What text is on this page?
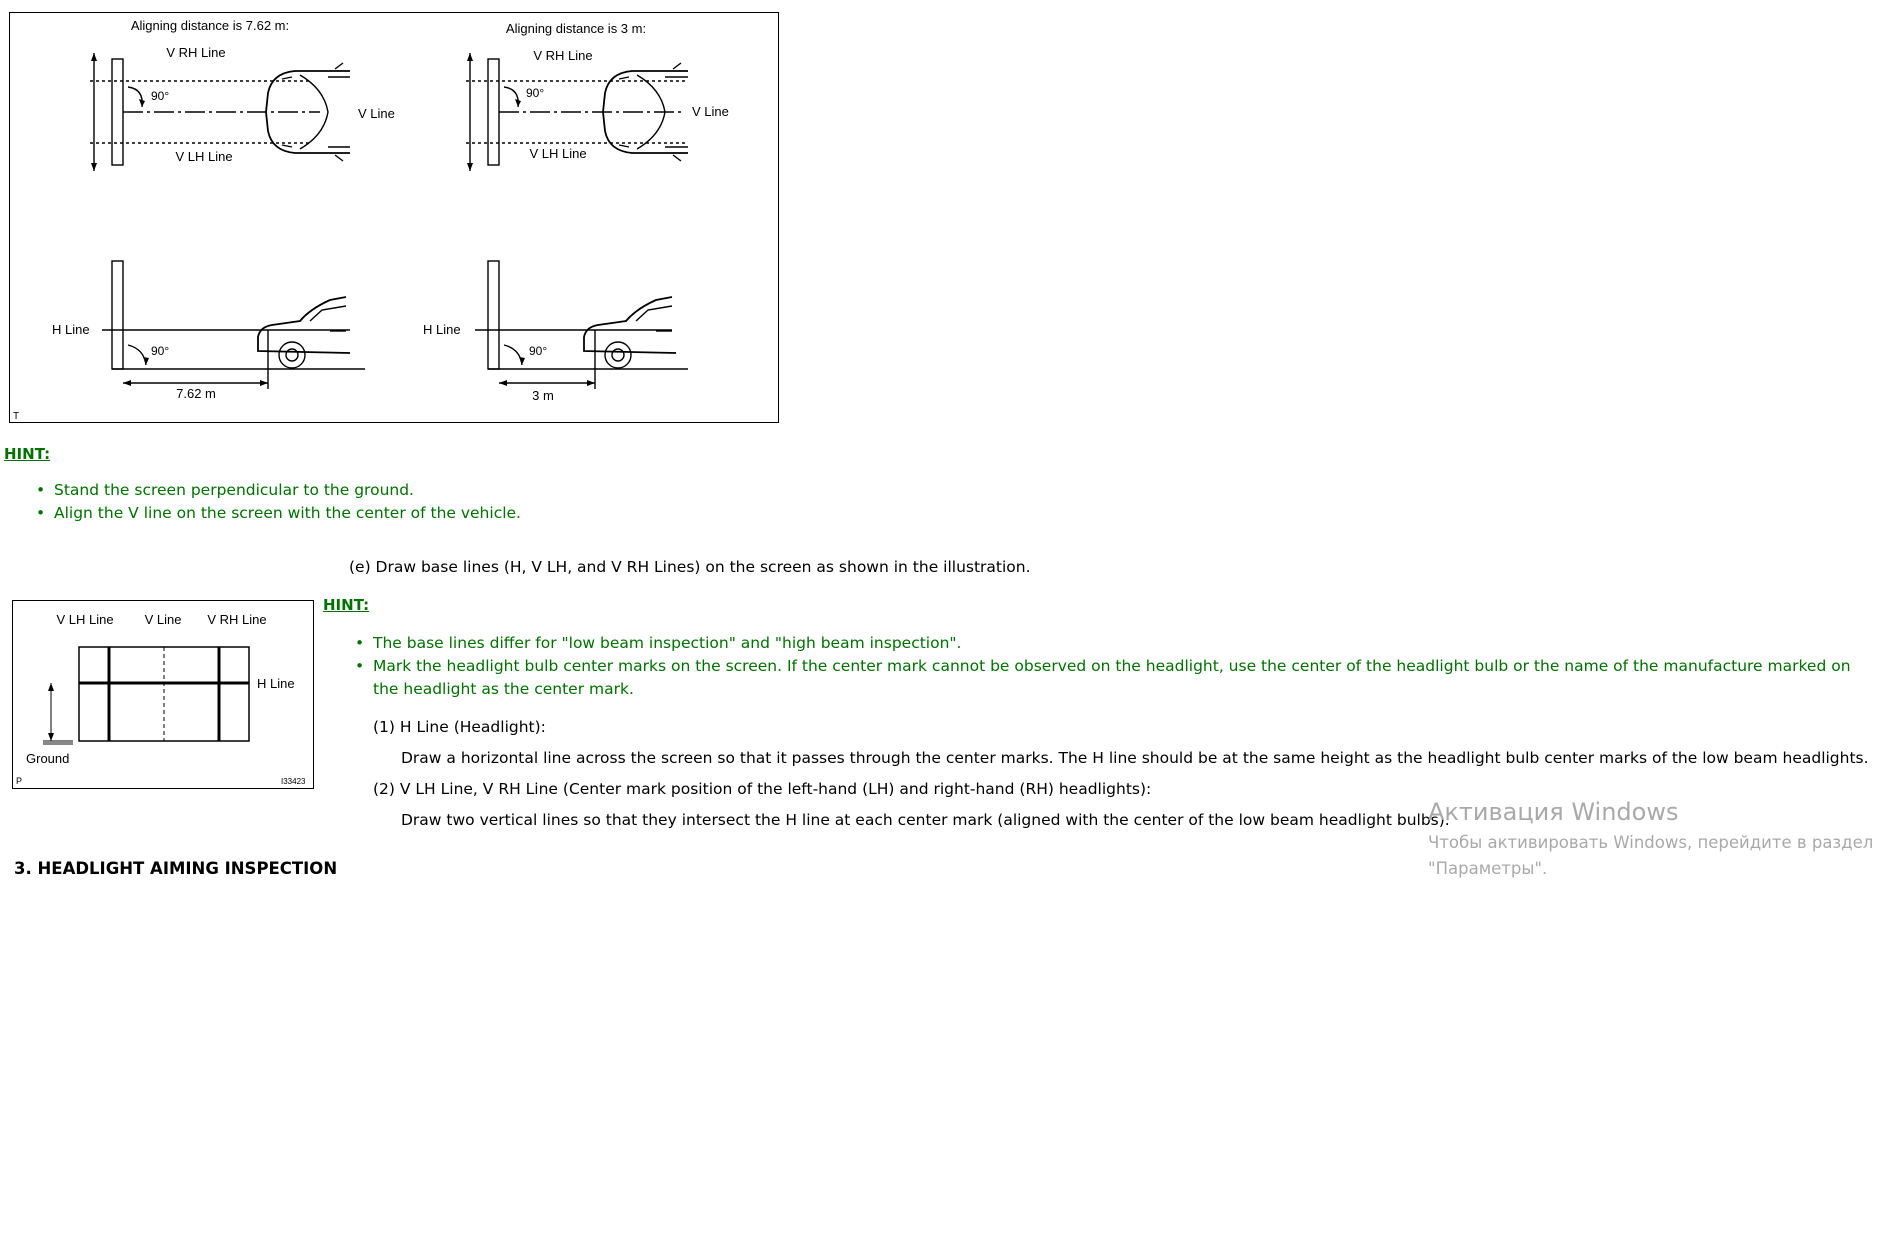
Aligning distance is 7.62 m:	Aligning distance is 3 m:
V RH Line	V RH Line
V LH Line	V LH Line
V Line	V Line
90°	90°
90°	90°
H Line	H Line
7.62 m	3 m
T
HINT:
• Stand the screen perpendicular to the ground.
• Align the V line on the screen with the center of the vehicle.
(e) Draw base lines (H, V LH, and V RH Lines) on the screen as shown in the illustration.
V LH Line V Line V RH Line
H Line
Ground
P	I33423
HINT:
• The base lines differ for "low beam inspection" and "high beam inspection".
• Mark the headlight bulb center marks on the screen. If the center mark cannot be observed on the headlight, use the center of the headlight bulb or the name of the manufacture marked on the headlight as the center mark.
(1) H Line (Headlight):
Draw a horizontal line across the screen so that it passes through the center marks. The H line should be at the same height as the headlight bulb center marks of the low beam headlights.
(2) V LH Line, V RH Line (Center mark position of the left-hand (LH) and right-hand (RH) headlights):
Draw two vertical lines so that they intersect the H line at each center mark (aligned with the center of the low beam headlight bulbs).
3. HEADLIGHT AIMING INSPECTION
Активация Windows
Чтобы активировать Windows, перейдите в раздел
"Параметры".
